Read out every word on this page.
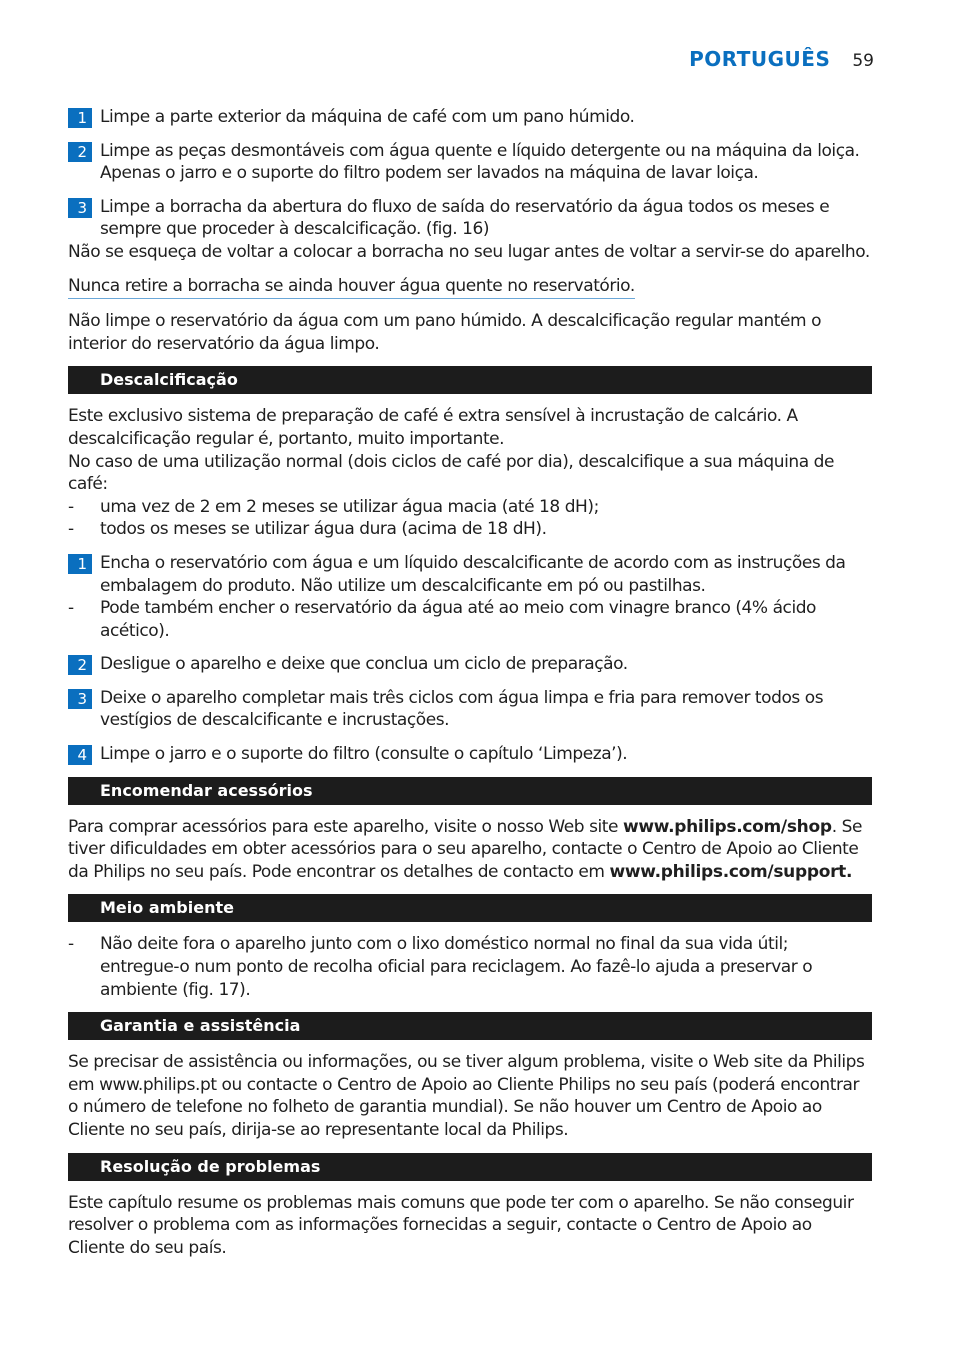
PORTUGUÊS 59
1 Limpe a parte exterior da máquina de café com um pano húmido.
2 Limpe as peças desmontáveis com água quente e líquido detergente ou na máquina da loiça. Apenas o jarro e o suporte do filtro podem ser lavados na máquina de lavar loiça.
3 Limpe a borracha da abertura do fluxo de saída do reservatório da água todos os meses e sempre que proceder à descalcificação. (fig. 16)

Não se esqueça de voltar a colocar a borracha no seu lugar antes de voltar a servir-se do aparelho.

Nunca retire a borracha se ainda houver água quente no reservatório.

Não limpe o reservatório da água com um pano húmido. A descalcificação regular mantém o interior do reservatório da água limpo.

Descalcificação

Este exclusivo sistema de preparação de café é extra sensível à incrustação de calcário. A descalcificação regular é, portanto, muito importante.

No caso de uma utilização normal (dois ciclos de café por dia), descalcifique a sua máquina de café:

-	uma vez de 2 em 2 meses se utilizar água macia (até 18 dH);
-	todos os meses se utilizar água dura (acima de 18 dH).
1 Encha o reservatório com água e um líquido descalcificante de acordo com as instruções da embalagem do produto. Não utilize um descalcificante em pó ou pastilhas.
-	Pode também encher o reservatório da água até ao meio com vinagre branco (4% ácido acético).
2 Desligue o aparelho e deixe que conclua um ciclo de preparação.
3 Deixe o aparelho completar mais três ciclos com água limpa e fria para remover todos os vestígios de descalcificante e incrustações.
4 Limpe o jarro e o suporte do filtro (consulte o capítulo ‘Limpeza’).
Encomendar acessórios

Para comprar acessórios para este aparelho, visite o nosso Web site www.philips.com/shop. Se tiver dificuldades em obter acessórios para o seu aparelho, contacte o Centro de Apoio ao Cliente da Philips no seu país. Pode encontrar os detalhes de contacto em www.philips.com/support.

Meio ambiente
-	Não deite fora o aparelho junto com o lixo doméstico normal no final da sua vida útil; entregue-o num ponto de recolha oficial para reciclagem. Ao fazê-lo ajuda a preservar o ambiente (fig. 17).
Garantia e assistência

Se precisar de assistência ou informações, ou se tiver algum problema, visite o Web site da Philips em www.philips.pt ou contacte o Centro de Apoio ao Cliente Philips no seu país (poderá encontrar o número de telefone no folheto de garantia mundial). Se não houver um Centro de Apoio ao Cliente no seu país, dirija-se ao representante local da Philips.

Resolução de problemas

Este capítulo resume os problemas mais comuns que pode ter com o aparelho. Se não conseguir resolver o problema com as informações fornecidas a seguir, contacte o Centro de Apoio ao Cliente do seu país.
